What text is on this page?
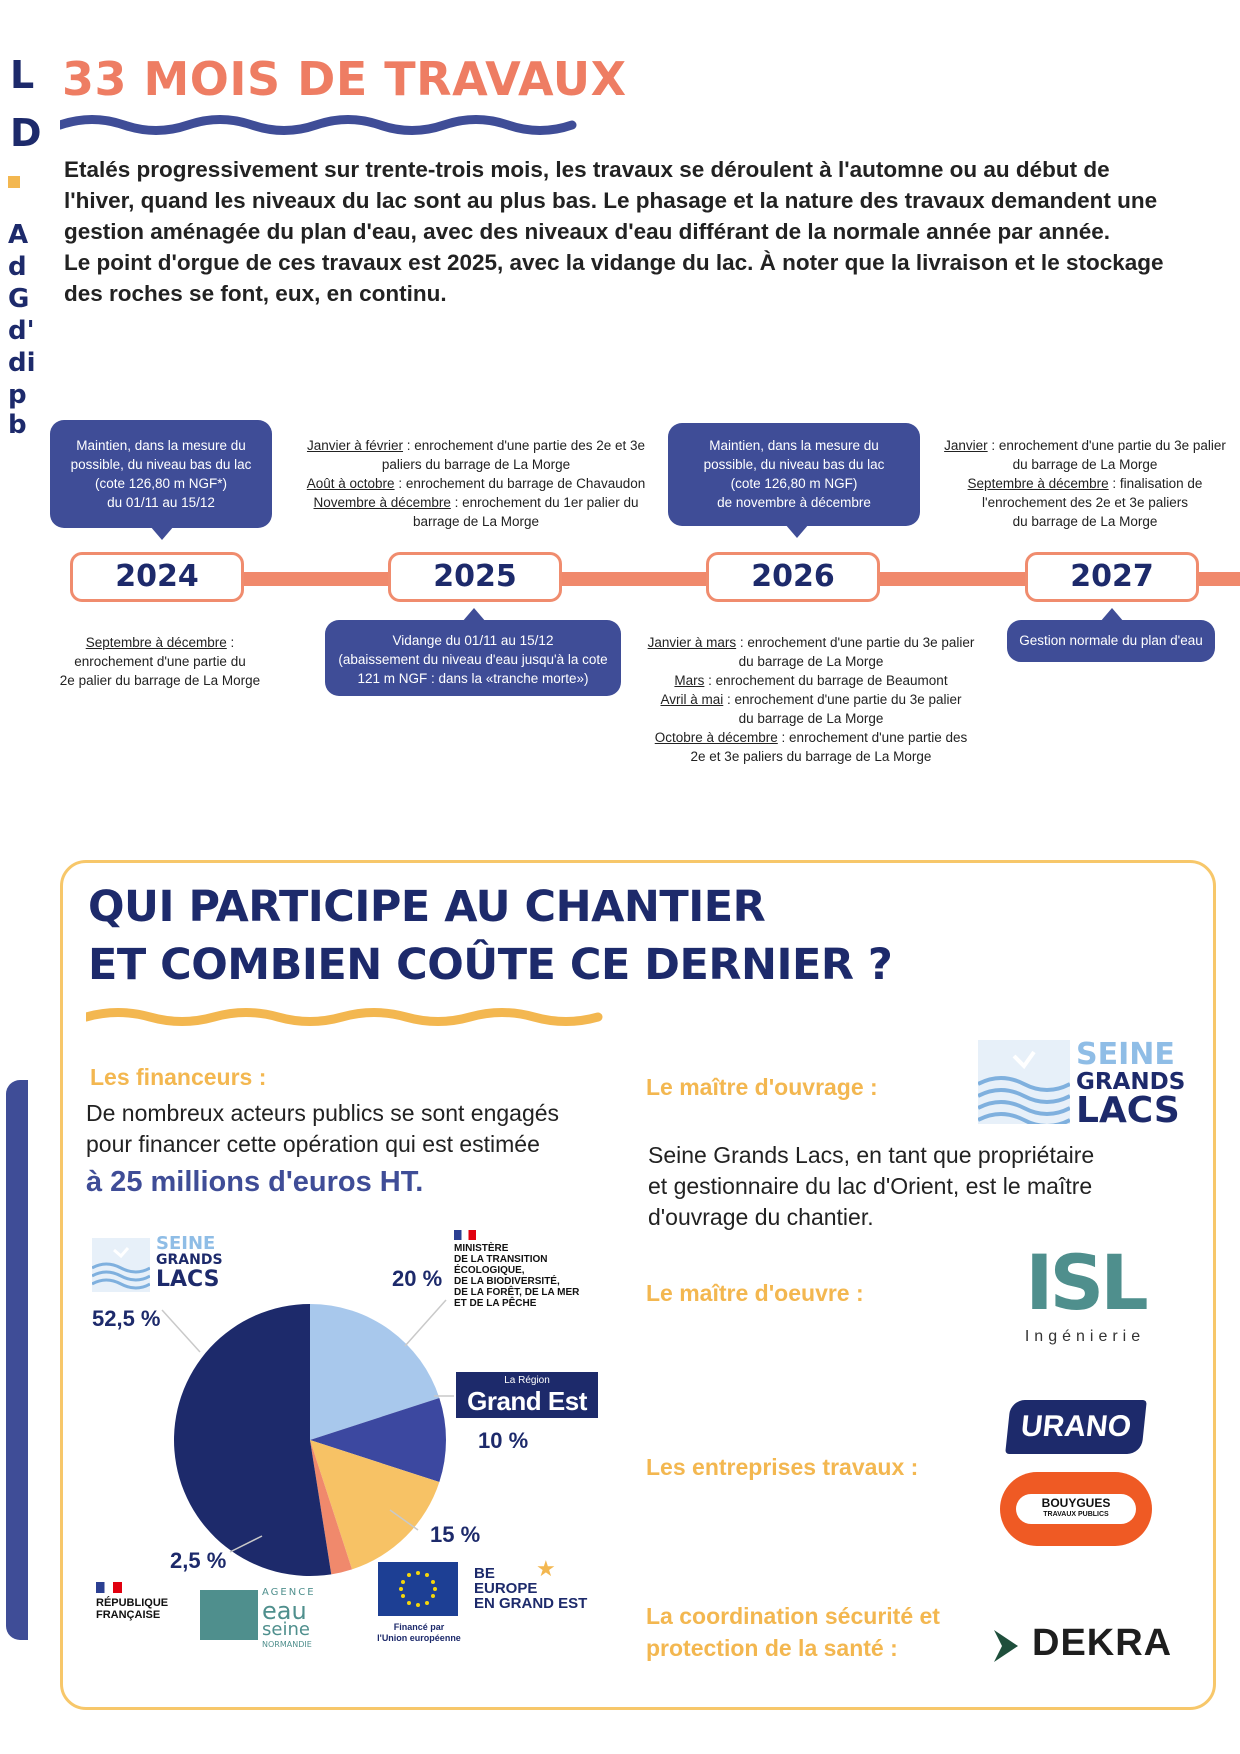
L
D
A
d
G
d'
di
p
b
33 MOIS DE TRAVAUX
Etalés progressivement sur trente-trois mois, les travaux se déroulent à l'automne ou au début de
l'hiver, quand les niveaux du lac sont au plus bas. Le phasage et la nature des travaux demandent une
gestion aménagée du plan d'eau, avec des niveaux d'eau différant de la normale année par année.
Le point d'orgue de ces travaux est 2025, avec la vidange du lac. À noter que la livraison et le stockage
des roches se font, eux, en continu.
Maintien, dans la mesure du
possible, du niveau bas du lac
(cote 126,80 m NGF*)
du 01/11 au 15/12
Maintien, dans la mesure du
possible, du niveau bas du lac
(cote 126,80 m NGF)
de novembre à décembre
Vidange du 01/11 au 15/12
(abaissement du niveau d'eau jusqu'à la cote
121 m NGF : dans la «tranche morte»)
Gestion normale du plan d'eau
2024	2025	2026	2027
Janvier à février : enrochement d'une partie des 2e et 3e
paliers du barrage de La Morge
Août à octobre : enrochement du barrage de Chavaudon
Novembre à décembre : enrochement du 1er palier du
barrage de La Morge
Janvier : enrochement d'une partie du 3e palier
du barrage de La Morge
Septembre à décembre : finalisation de
l'enrochement des 2e et 3e paliers
du barrage de La Morge
Septembre à décembre :
enrochement d'une partie du
2e palier du barrage de La Morge
Janvier à mars : enrochement d'une partie du 3e palier
du barrage de La Morge
Mars : enrochement du barrage de Beaumont
Avril à mai : enrochement d'une partie du 3e palier
du barrage de La Morge
Octobre à décembre : enrochement d'une partie des
2e et 3e paliers du barrage de La Morge
QUI PARTICIPE AU CHANTIER
ET COMBIEN COÛTE CE DERNIER ?
Les financeurs :
De nombreux acteurs publics se sont engagés
pour financer cette opération qui est estimée
à 25 millions d'euros HT.
52,5 %
20 %
10 %
15 %
2,5 %
SEINE
GRANDS
LACS
MINISTÈRE
DE LA TRANSITION
ÉCOLOGIQUE,
DE LA BIODIVERSITÉ,
DE LA FORÊT, DE LA MER
ET DE LA PÊCHE
La Région
Grand Est
BE
EUROPE
EN GRAND EST
★
Financé par
l'Union européenne
RÉPUBLIQUE
FRANÇAISE
AGENCE
eau
seine
NORMANDIE
Le maître d'ouvrage :
SEINE
GRANDS
LACS
Seine Grands Lacs, en tant que propriétaire
et gestionnaire du lac d'Orient, est le maître
d'ouvrage du chantier.
Le maître d'oeuvre : ISL
Ingénierie
Les entreprises travaux :
URANO
BOUYGUES
TRAVAUX PUBLICS
La coordination sécurité et
protection de la santé :	DEKRA
